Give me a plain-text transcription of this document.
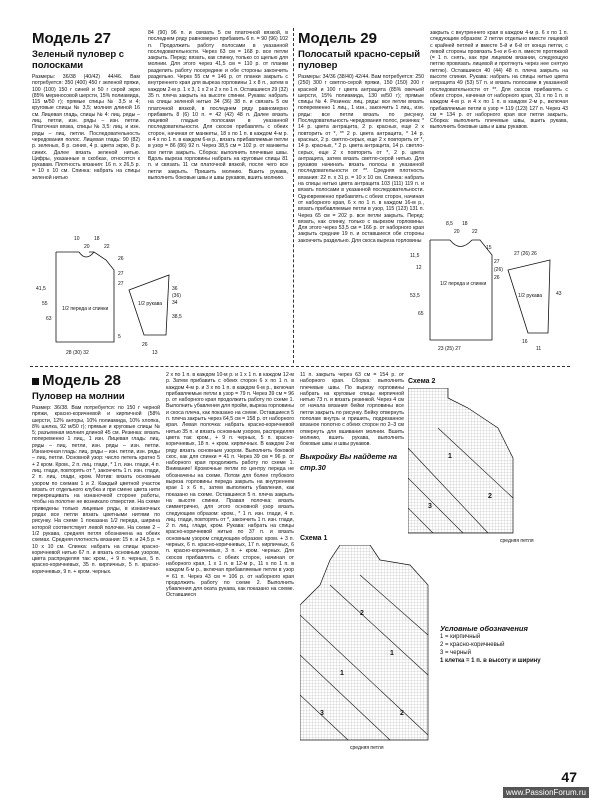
Модель 27
Зеленый пуловер с полосками

Размеры: 36/38 (40/42) 44/46. Вам потребуется: 350 (400) 450 г зеленой пряжи, 100 (100) 150 г синей и 50 г серой экрю (85% мериносовой шерсти, 15% полиамида, 115 м/50 г); прямые спицы № 3,5 и 4; круговые спицы № 3,5; молния длиной 16 см. Лицевая гладь, спицы № 4: лиц. ряды – лиц. петли, изн. ряды – изн. петли. Платочная вязка, спицы № 3,5: лиц. и изн. ряды – лиц. петли. Последовательность чередования полос. Лицевая гладь: 90 (82) р. зеленых, 8 р. синих, 4 р. цвета экрю, 8 р. синих. Далее вязать зеленой нитью. Цифры, указанные в скобках, относятся к рукавам. Плотность вязания: 16 п. x 26,5 р. = 10 x 10 см. Спинка: набрать на спицы зеленой нитью

84 (90) 96 п. и связать 5 см платочной вязкой, в последнем ряду равномерно прибавить 6 п. = 90 (96) 102 п. Продолжить работу полосами в указанной последовательности. Через 63 см = 168 р. все петли закрыть. Перед: вязать, как спинку, только со щелью для молнии. Для этого через 41,5 см = 110 р. от планки разделить работу посередине и обе стороны закончить раздельно. Через 55 см = 146 р. от планки закрыть с внутреннего края для выреза горловины 1 x 8 п., затем в каждом 2-м р. 1 x 3, 1 x 2 и 2 x по 1 п. Оставшиеся 29 (32) 35 п. плеча закрыть на высоте спинки. Рукава: набрать на спицы зеленой нитью 34 (36) 38 п. и связать 5 см платочной вязкой, в последнем ряду равномерно прибавить 8 (6) 10 п. = 42 (42) 48 п. Далее вязать лицевой гладью полосами в указанной последовательности. Для скосов прибавлять с обеих сторон, начиная от манжеты, 18 x по 1 п. в каждом 4-м р. и 4 x по 1 п. в каждом 6-м р., вязать прибавляемые петли в узор = 86 (86) 92 п. Через 38,5 см = 102 р. от манжеты все петли закрыть. Сборка: выполнить плечевые швы. Вдоль выреза горловины набрать на круговые спицы 81 п. и связать 11 см платочной вязкой, после чего все петли закрыть. Пришить молнию. Вшить рукава, выполнить боковые швы и швы рукавов, вшить молнию.

10	18
20	22
41,5
55
63
26
27
27
5
1/2 переда и спинки
1/2 рукава
28 (30) 32
26
13
36
(36)
34
38,5
Модель 29
Полосатый красно-серый пуловер

Размеры: 34/36 (38/40) 42/44. Вам потребуется: 250 (250) 300 г светло-серой пряжи, 150 (150) 200 г красной и 100 г цвета антрацита (85% овечьей шерсти, 15% полиамида, 130 м/50 г); прямые спицы № 4. Резинка: лиц. ряды: все петли вязать попеременно 1 лиц., 1 изн., закончить 1 лиц., изн. ряды: все петли вязать по рисунку. Последовательность чередования полос, резинка: * 14 р. цвета антрацита, 2 р. красных, еще 2 x повторить от *, ** 2 р. цвета антрацита, * 14 р. красных, 2 р. светло-серых, еще 2 x повторить от *, 14 р. красных, * 2 р. цвета антрацита, 14 р. светло-серых, еще 2 x повторить от *, 2 р. цвета антрацита, затем вязать светло-серой нитью. Для рукавов начинать вязать полосы в указанной последовательности от **. Средняя плотность вязания: 22 п. x 31 р. = 10 x 10 см. Спинка: набрать на спицы нитью цвета антрацита 103 (111) 119 п. и вязать полосами в указанной последовательности. Одновременно прибавлять с обеих сторон, начиная от наборного края, 6 x по 1 п. в каждом 16-м р., вязать прибавляемые петли в узор, 115 (123) 131 п. Через 65 см = 202 р. все петли закрыть. Перед: вязать, как спинку, только с вырезом горловины. Для этого через 53,5 см = 166 р. от наборного края закрыть средние 19 п. и оставшиеся обе стороны закончить раздельно. Для скоса выреза горловины

закрыть с внутреннего края в каждом 4-м р. 6 x по 1 п. следующим образом: 2 петли отдельно вместе лицевой с крайней петлей и вместе 5-й и 6-й от конца петли, с левой стороны провязать 5-ю и 6-ю п. вместе протяжкой (= 1 п. снять, как при лицевом вязании, следующую петлю провязать лицевой и протянуть через нее снятую петлю). Оставшиеся 40 (44) 48 п. плеча закрыть на высоте спинки. Рукава: набрать на спицы нитью цвета антрацита 49 (53) 57 п. и вязать полосами в указанной последовательности от **. Для скосов прибавлять с обеих сторон, начиная от наборного края, 31 x по 1 п. в каждом 4-м р. и 4 x по 1 п. в каждом 2-м р., включая прибавляемые петли в узор = 119 (123) 127 п. Через 43 см = 134 р. от наборного края все петли закрыть. Сборка: выполнить плечевые швы, вшить рукава, выполнить боковые швы и швы рукавов.

11,5
12
53,5
65
8,5 18
20 22
15
27
(26)
26
43
1/2 переда и спинки
1/2 рукава
27 (26) 26
23 (25) 27
16
11
Модель 28
Пуловер на молнии

Размер: 36/38. Вам потребуется: по 150 г черной пряжи, красно-коричневой и кирпичной (58% шерсти, 12% ангоры, 10% полиамида, 10% хлопка, 8% шелка, 92 м/50 г); прямые и круговые спицы № 5; разъемная молния длиной 45 см. Резинка: вязать попеременно 1 лиц., 1 изн. Лицевая гладь: лиц. ряды – лиц. петли, изн. ряды – изн. петли. Изнаночная гладь: лиц. ряды – изн. петли, изн. ряды – лиц. петли. Основной узор: число петель кратно 5 + 2 кром. Кром., 2 п. лиц. глади, * 1 п. изн. глади, 4 п. лиц. глади, повторять от *, закончить 1 п. изн. глади, 2 п. лиц. глади, кром. Мотив: вязать основным узором по схемам 1 и 2. Каждый цветной участок вязать от отдельного клубка и при смене цвета нити перекрещивать на изнаночной стороне работы, чтобы на полотне не возникало отверстия. На схеме приведены только лицевые ряды, в изнаночных рядах все петли вязать цветными нитями по рисунку. На схеме 1 показана 1/2 переда, ширина которой соответствует левой полочке. На схеме 2 – 1/2 рукава, средняя петля обозначена на обеих схемах. Средняя плотность вязания: 15 п. и 24,5 р. = 10 x 10 см. Спинка: набрать на спицы красно-коричневой нитью 67 п. и вязать основным узором, цвета распределяя так: кром., + 9 п. черных, 5 п. красно-коричневых, 35 п. кирпичных, 5 п. красно-коричневых, 9 п. + кром. черных.

2 x по 1 п. в каждом 10-м р. и 1 x 1 п. в каждом 12-м р. Затем прибавить с обеих сторон 6 x по 1 п. в каждом 4-м р. и 3 x по 1 п. в каждом 6-м р., включая прибавляемые петли в узор = 79 п. Через 39 см = 96 р. от наборного края продолжить работу по схеме 1. Выполнить убавления для пройм, выреза горловины и скоса плеча, как показано на схеме. Оставшиеся 5 п. плеча закрыть через 64,5 см = 158 р. от наборного края. Левая полочка: набрать красно-коричневой нитью 35 п. и вязать основным узором, распределяя цвета так: кром., + 9 п. черных, 5 п. красно-коричневых, 18 п. + кром. кирпичных. В каждом 2-м ряду вязать основным узором. Выполнить боковой скос, как для спинки = 41 п. Через 39 см = 96 р. от наборного края продолжить работу по схеме 1. Внимание! Кромочные петли по центру переда не обозначены на схеме. Потом для более глубокого выреза горловины переда закрыть на внутреннем крае 1 x 6 п., затем выполнить убавления, как показано на схеме. Оставшиеся 5 п. плеча закрыть на высоте спинки. Правая полочка: вязать симметрично, для этого основной узор вязать следующим образом: кром., * 1 п. изн. глади, 4 п. лиц. глади, повторять от *, закончить 1 п. изн. глади, 2 п. лиц. глади, кром. Рукава: набрать на спицы красно-коричневой нитью по 37 п. и вязать основным узором следующим образом: кром. + 3 п. черных, 6 п. красно-коричневых, 17 п. кирпичных, 6 п. красно-коричневых, 3 п. + кром. черных. Для скосов прибавлять с обеих сторон, начиная от наборного края, 1 x 1 п. в 12-м р., 11 x по 1 п. в каждом 6-м р., включая прибавляемые петли в узор = 61 п. Через 43 см = 106 р. от наборного края продолжить работу по схеме 2. Выполнить убавления для оката рукава, как показано на схеме. Оставшиеся

11 п. закрыть через 63 см = 154 р. от наборного края. Сборка: выполнить плечевые швы. По вырезу горловины набрать на круговые спицы кирпичной нитью 73 п. и вязать резинкой. Через 4 см от начала вязания бейки горловины все петли закрыть по рисунку. Бейку отвернуть пополам внутрь и пришить, подрезанное вязаное полотно с обеих сторон по 2–3 см отвернуть для вшивания молнии. Вшить молнию, вшить рукава, выполнить боковые швы и швы рукавов.

Выкройку Вы найдете на стр.30
Схема 2
1
2
3
средняя петля
Схема 1
2
1
1
3	2
средняя петля
Условные обозначения
1 = кирпичный
2 = красно-коричневый
3 = черный
1 клетка = 1 п. в высоту и ширину
47
www.PassionForum.ru
